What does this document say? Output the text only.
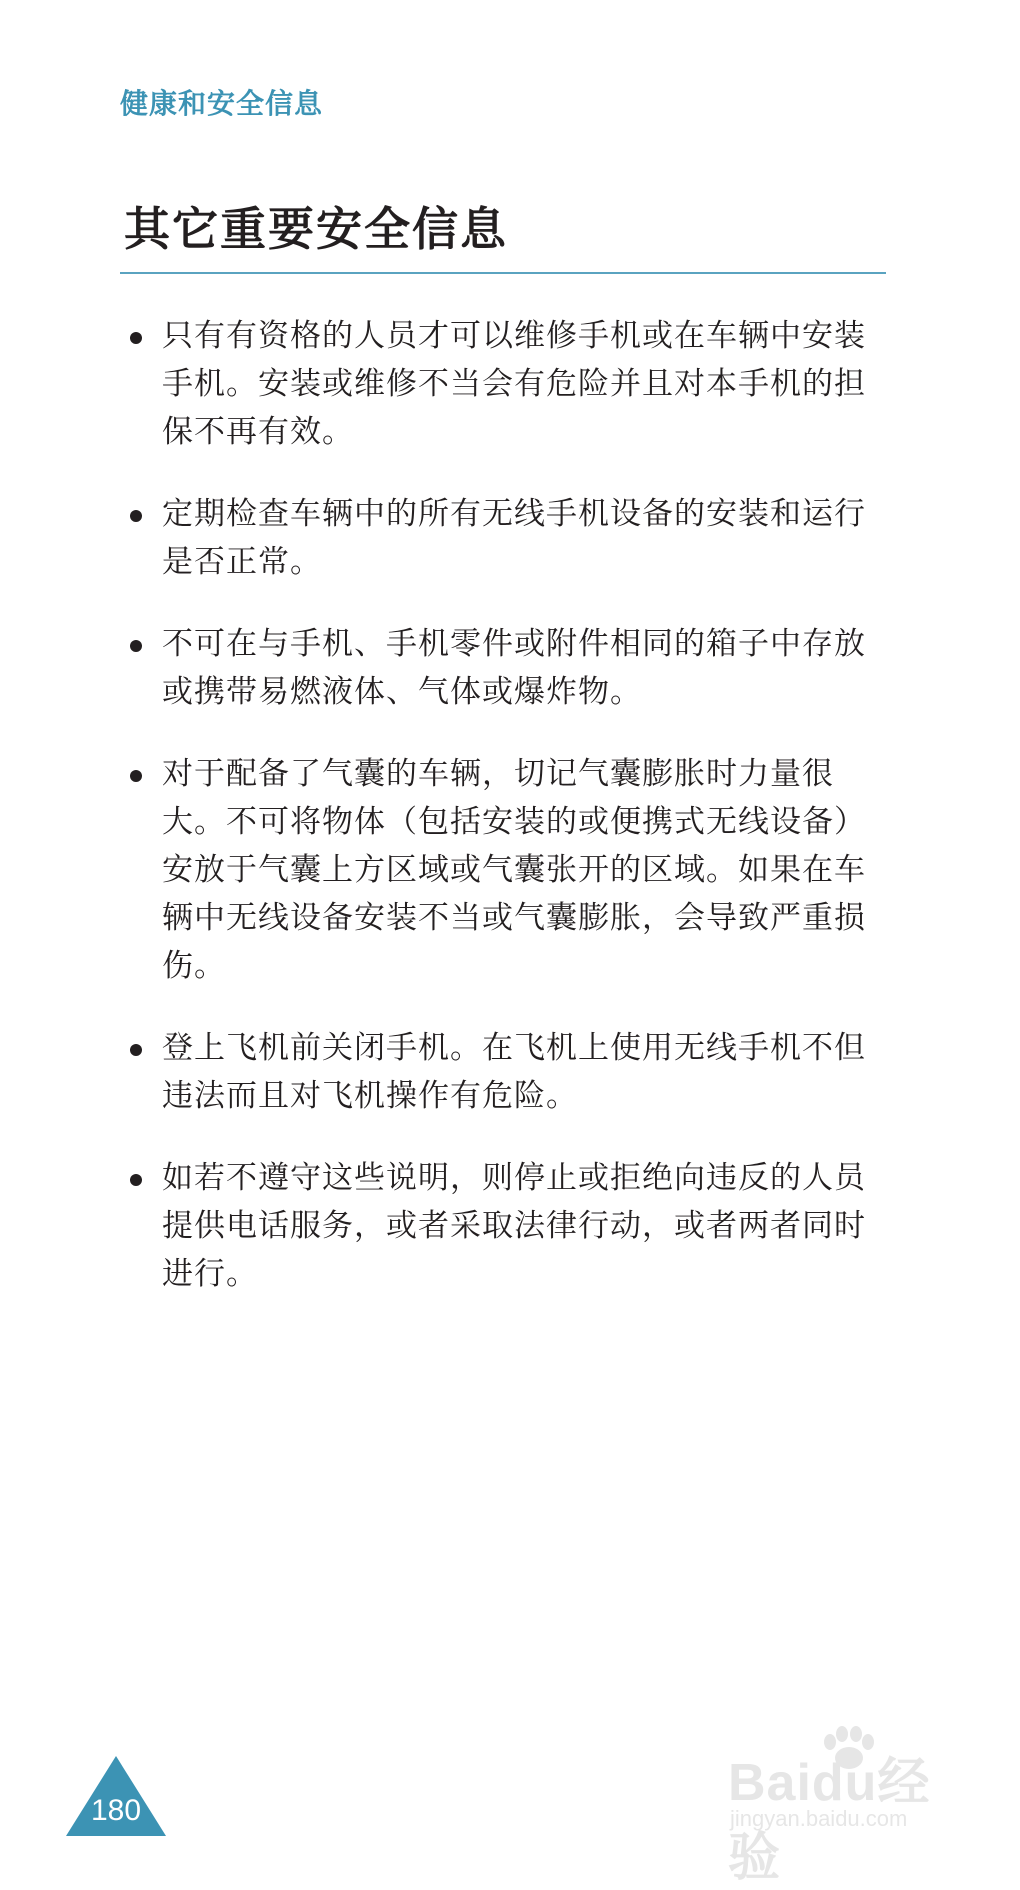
健康和安全信息
其它重要安全信息
只有有资格的人员才可以维修手机或在车辆中安装手机。安装或维修不当会有危险并且对本手机的担保不再有效。
定期检查车辆中的所有无线手机设备的安装和运行是否正常。
不可在与手机、手机零件或附件相同的箱子中存放或携带易燃液体、气体或爆炸物。
对于配备了气囊的车辆，切记气囊膨胀时力量很大。不可将物体（包括安装的或便携式无线设备）安放于气囊上方区域或气囊张开的区域。如果在车辆中无线设备安装不当或气囊膨胀，会导致严重损伤。
登上飞机前关闭手机。在飞机上使用无线手机不但违法而且对飞机操作有危险。
如若不遵守这些说明，则停止或拒绝向违反的人员提供电话服务，或者采取法律行动，或者两者同时进行。
180	Baidu经验
jingyan.baidu.com
